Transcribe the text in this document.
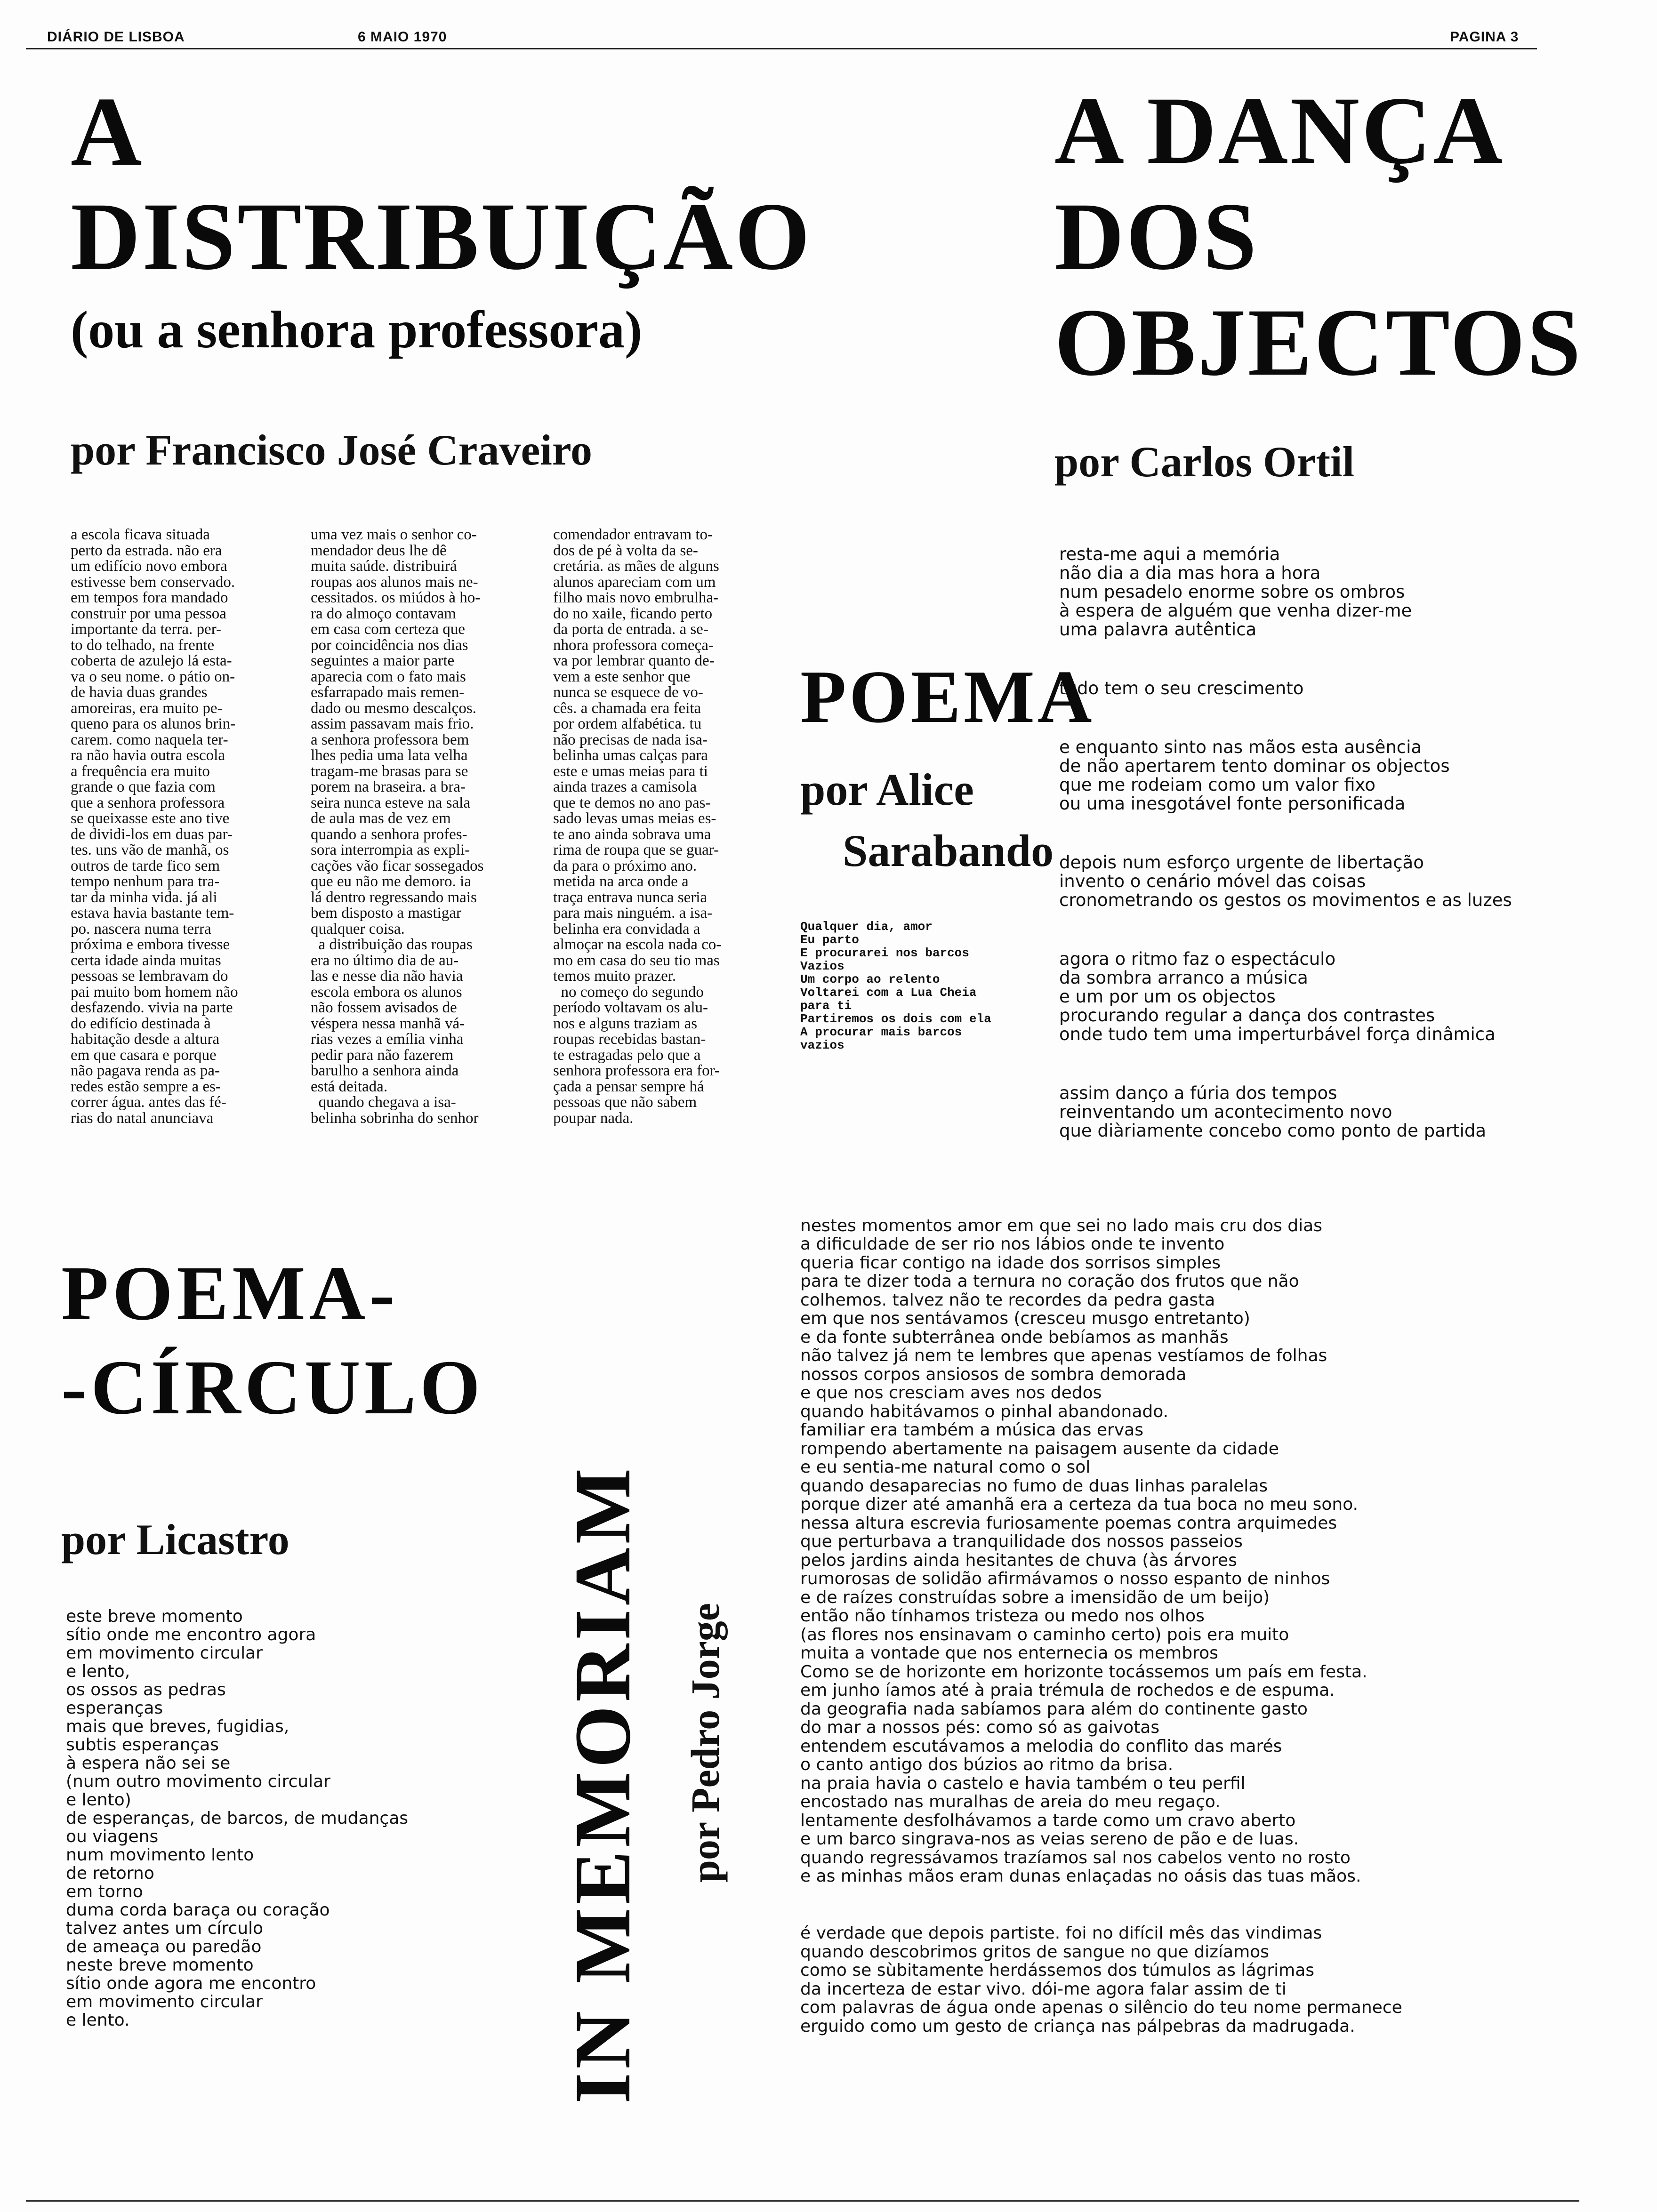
DIÁRIO DE LISBOA	6 MAIO 1970	PAGINA 3
A
DISTRIBUIÇÃO
(ou a senhora professora)
por Francisco José Craveiro
a escola ficava situada
perto da estrada. não era
um edifício novo embora
estivesse bem conservado.
em tempos fora mandado
construir por uma pessoa
importante da terra. per-
to do telhado, na frente
coberta de azulejo lá esta-
va o seu nome. o pátio on-
de havia duas grandes
amoreiras, era muito pe-
queno para os alunos brin-
carem. como naquela ter-
ra não havia outra escola
a frequência era muito
grande o que fazia com
que a senhora professora
se queixasse este ano tive
de dividi-los em duas par-
tes. uns vão de manhã, os
outros de tarde fico sem
tempo nenhum para tra-
tar da minha vida. já ali
estava havia bastante tem-
po. nascera numa terra
próxima e embora tivesse
certa idade ainda muitas
pessoas se lembravam do
pai muito bom homem não
desfazendo. vivia na parte
do edifício destinada à
habitação desde a altura
em que casara e porque
não pagava renda as pa-
redes estão sempre a es-
correr água. antes das fé-
rias do natal anunciava
uma vez mais o senhor co-
mendador deus lhe dê
muita saúde. distribuirá
roupas aos alunos mais ne-
cessitados. os miúdos à ho-
ra do almoço contavam
em casa com certeza que
por coincidência nos dias
seguintes a maior parte
aparecia com o fato mais
esfarrapado mais remen-
dado ou mesmo descalços.
assim passavam mais frio.
a senhora professora bem
lhes pedia uma lata velha
tragam-me brasas para se
porem na braseira. a bra-
seira nunca esteve na sala
de aula mas de vez em
quando a senhora profes-
sora interrompia as expli-
cações vão ficar sossegados
que eu não me demoro. ia
lá dentro regressando mais
bem disposto a mastigar
qualquer coisa.
a distribuição das roupas
era no último dia de au-
las e nesse dia não havia
escola embora os alunos
não fossem avisados de
véspera nessa manhã vá-
rias vezes a emília vinha
pedir para não fazerem
barulho a senhora ainda
está deitada.
quando chegava a isa-
belinha sobrinha do senhor
comendador entravam to-
dos de pé à volta da se-
cretária. as mães de alguns
alunos apareciam com um
filho mais novo embrulha-
do no xaile, ficando perto
da porta de entrada. a se-
nhora professora começa-
va por lembrar quanto de-
vem a este senhor que
nunca se esquece de vo-
cês. a chamada era feita
por ordem alfabética. tu
não precisas de nada isa-
belinha umas calças para
este e umas meias para ti
ainda trazes a camisola
que te demos no ano pas-
sado levas umas meias es-
te ano ainda sobrava uma
rima de roupa que se guar-
da para o próximo ano.
metida na arca onde a
traça entrava nunca seria
para mais ninguém. a isa-
belinha era convidada a
almoçar na escola nada co-
mo em casa do seu tio mas
temos muito prazer.
no começo do segundo
período voltavam os alu-
nos e alguns traziam as
roupas recebidas bastan-
te estragadas pelo que a
senhora professora era for-
çada a pensar sempre há
pessoas que não sabem
poupar nada.
A DANÇA
DOS
OBJECTOS
por Carlos Ortil

resta-me aqui a memória
não dia a dia mas hora a hora
num pesadelo enorme sobre os ombros
à espera de alguém que venha dizer-me
uma palavra autêntica

tudo tem o seu crescimento

e enquanto sinto nas mãos esta ausência
de não apertarem tento dominar os objectos
que me rodeiam como um valor fixo
ou uma inesgotável fonte personificada

depois num esforço urgente de libertação
invento o cenário móvel das coisas
cronometrando os gestos os movimentos e as luzes

agora o ritmo faz o espectáculo
da sombra arranco a música
e um por um os objectos
procurando regular a dança dos contrastes
onde tudo tem uma imperturbável força dinâmica

assim danço a fúria dos tempos
reinventando um acontecimento novo
que diàriamente concebo como ponto de partida

POEMA
por Alice
Sarabando
Qualquer dia, amor
Eu parto
E procurarei nos barcos
Vazios
Um corpo ao relento
Voltarei com a Lua Cheia
para ti
Partiremos os dois com ela
A procurar mais barcos
vazios
POEMA-
-CÍRCULO
por Licastro
este breve momento
sítio onde me encontro agora
em movimento circular
e lento,
os ossos as pedras
esperanças
mais que breves, fugidias,
subtis esperanças
à espera não sei se
(num outro movimento circular
e lento)
de esperanças, de barcos, de mudanças
ou viagens
num movimento lento
de retorno
em torno
duma corda baraça ou coração
talvez antes um círculo
de ameaça ou paredão
neste breve momento
sítio onde agora me encontro
em movimento circular
e lento.	IN MEMORIAM por Pedro Jorge

nestes momentos amor em que sei no lado mais cru dos dias
a dificuldade de ser rio nos lábios onde te invento
queria ficar contigo na idade dos sorrisos simples
para te dizer toda a ternura no coração dos frutos que não
colhemos. talvez não te recordes da pedra gasta
em que nos sentávamos (cresceu musgo entretanto)
e da fonte subterrânea onde bebíamos as manhãs
não talvez já nem te lembres que apenas vestíamos de folhas
nossos corpos ansiosos de sombra demorada
e que nos cresciam aves nos dedos
quando habitávamos o pinhal abandonado.
familiar era também a música das ervas
rompendo abertamente na paisagem ausente da cidade
e eu sentia-me natural como o sol
quando desaparecias no fumo de duas linhas paralelas
porque dizer até amanhã era a certeza da tua boca no meu sono.
nessa altura escrevia furiosamente poemas contra arquimedes
que perturbava a tranquilidade dos nossos passeios
pelos jardins ainda hesitantes de chuva (às árvores
rumorosas de solidão afirmávamos o nosso espanto de ninhos
e de raízes construídas sobre a imensidão de um beijo)
então não tínhamos tristeza ou medo nos olhos
(as flores nos ensinavam o caminho certo) pois era muito
muita a vontade que nos enternecia os membros
Como se de horizonte em horizonte tocássemos um país em festa.
em junho íamos até à praia trémula de rochedos e de espuma.
da geografia nada sabíamos para além do continente gasto
do mar a nossos pés: como só as gaivotas
entendem escutávamos a melodia do conflito das marés
o canto antigo dos búzios ao ritmo da brisa.
na praia havia o castelo e havia também o teu perfil
encostado nas muralhas de areia do meu regaço.
lentamente desfolhávamos a tarde como um cravo aberto
e um barco singrava-nos as veias sereno de pão e de luas.
quando regressávamos trazíamos sal nos cabelos vento no rosto
e as minhas mãos eram dunas enlaçadas no oásis das tuas mãos.

é verdade que depois partiste. foi no difícil mês das vindimas
quando descobrimos gritos de sangue no que dizíamos
como se sùbitamente herdássemos dos túmulos as lágrimas
da incerteza de estar vivo. dói-me agora falar assim de ti
com palavras de água onde apenas o silêncio do teu nome permanece
erguido como um gesto de criança nas pálpebras da madrugada.
